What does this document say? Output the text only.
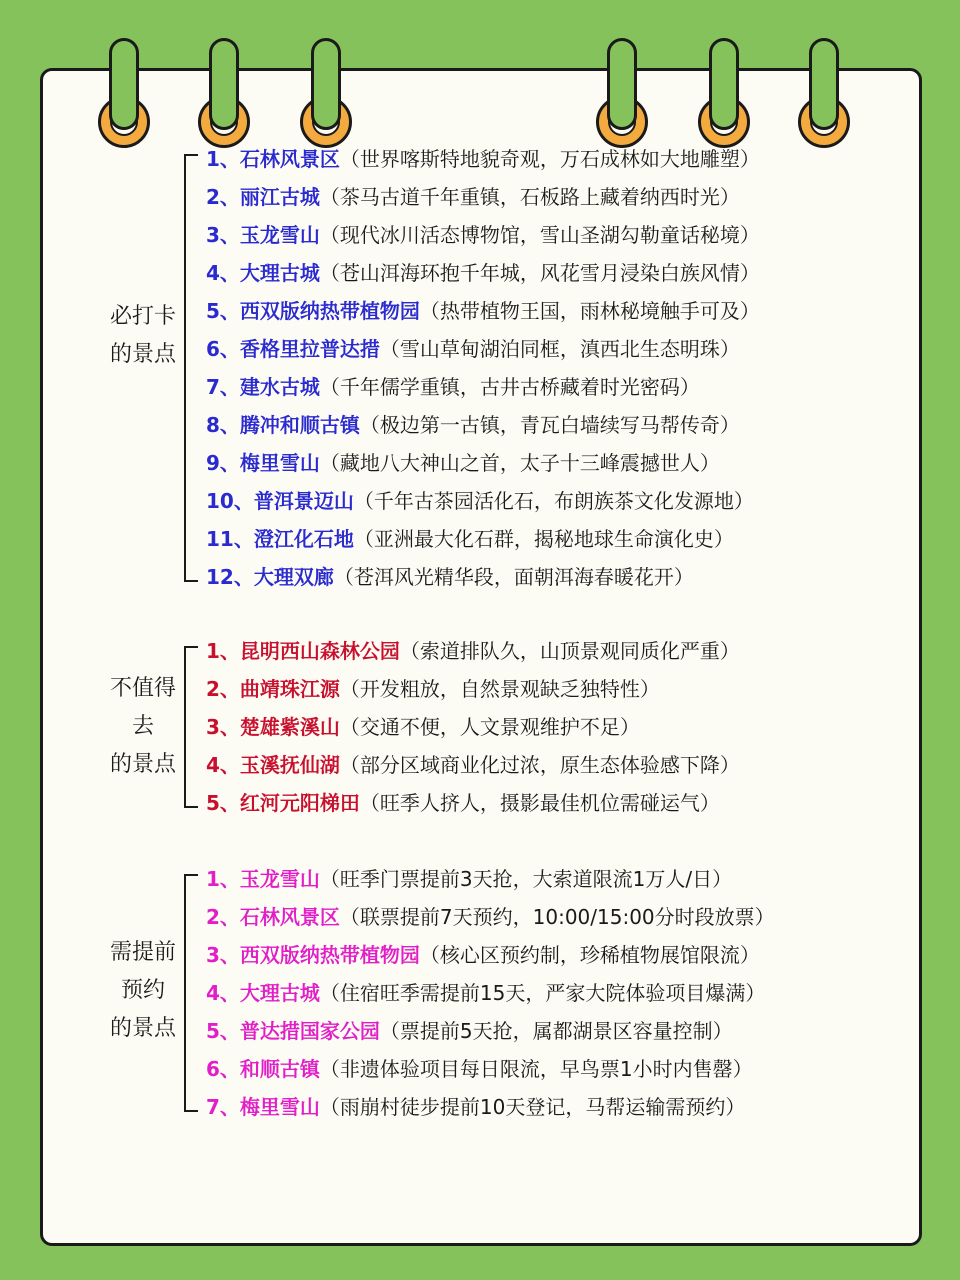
必打卡
的景点
1、石林风景区（世界喀斯特地貌奇观，万石成林如大地雕塑）
2、丽江古城（茶马古道千年重镇，石板路上藏着纳西时光）
3、玉龙雪山（现代冰川活态博物馆，雪山圣湖勾勒童话秘境）
4、大理古城（苍山洱海环抱千年城，风花雪月浸染白族风情）
5、西双版纳热带植物园（热带植物王国，雨林秘境触手可及）
6、香格里拉普达措（雪山草甸湖泊同框，滇西北生态明珠）
7、建水古城（千年儒学重镇，古井古桥藏着时光密码）
8、腾冲和顺古镇（极边第一古镇，青瓦白墙续写马帮传奇）
9、梅里雪山（藏地八大神山之首，太子十三峰震撼世人）
10、普洱景迈山（千年古茶园活化石，布朗族茶文化发源地）
11、澄江化石地（亚洲最大化石群，揭秘地球生命演化史）
12、大理双廊（苍洱风光精华段，面朝洱海春暖花开）
不值得
去
的景点
1、昆明西山森林公园（索道排队久，山顶景观同质化严重）
2、曲靖珠江源（开发粗放，自然景观缺乏独特性）
3、楚雄紫溪山（交通不便，人文景观维护不足）
4、玉溪抚仙湖（部分区域商业化过浓，原生态体验感下降）
5、红河元阳梯田（旺季人挤人，摄影最佳机位需碰运气）
需提前
预约
的景点
1、玉龙雪山（旺季门票提前3天抢，大索道限流1万人/日）
2、石林风景区（联票提前7天预约，10:00/15:00分时段放票）
3、西双版纳热带植物园（核心区预约制，珍稀植物展馆限流）
4、大理古城（住宿旺季需提前15天，严家大院体验项目爆满）
5、普达措国家公园（票提前5天抢，属都湖景区容量控制）
6、和顺古镇（非遗体验项目每日限流，早鸟票1小时内售罄）
7、梅里雪山（雨崩村徒步提前10天登记，马帮运输需预约）
